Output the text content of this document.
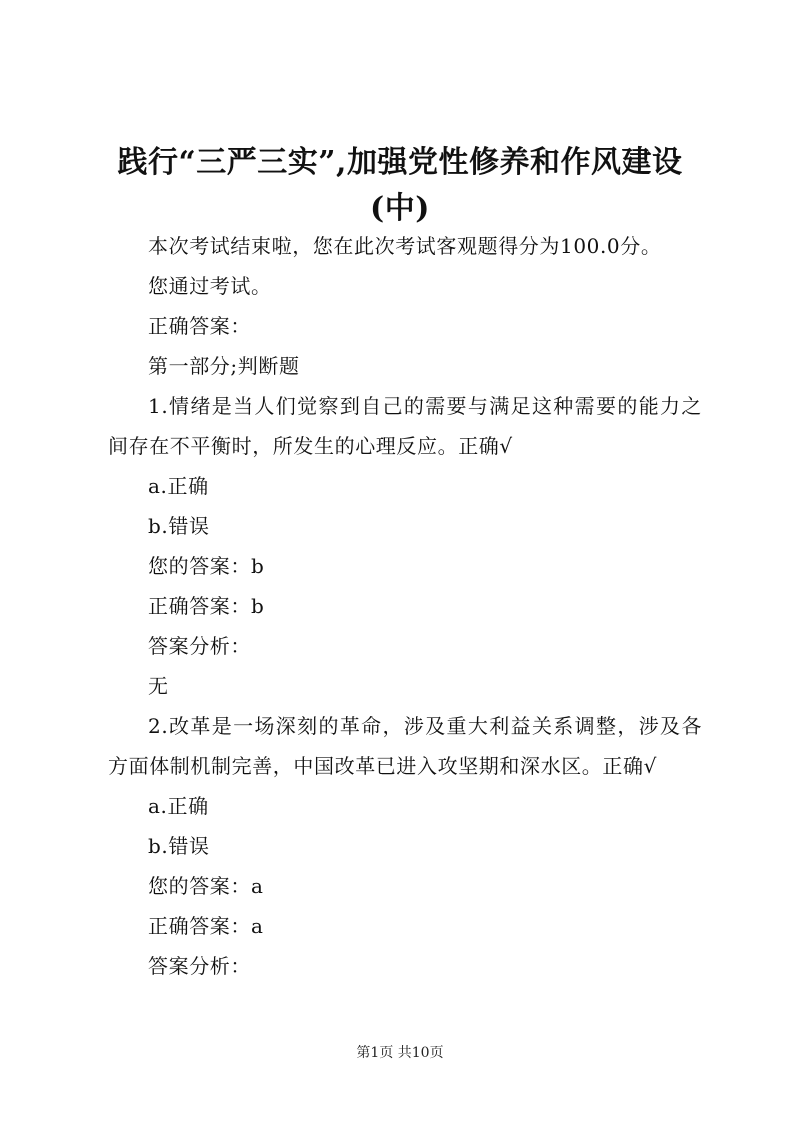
践行“三严三实”,加强党性修养和作风建设(中)

本次考试结束啦，您在此次考试客观题得分为100.0分。

您通过考试。

正确答案：

第一部分;判断题

1.情绪是当人们觉察到自己的需要与满足这种需要的能力之间存在不平衡时，所发生的心理反应。正确√

a.正确

b.错误

您的答案：b

正确答案：b

答案分析：

无

2.改革是一场深刻的革命，涉及重大利益关系调整，涉及各方面体制机制完善，中国改革已进入攻坚期和深水区。正确√

a.正确

b.错误

您的答案：a

正确答案：a

答案分析：

第1页 共10页
